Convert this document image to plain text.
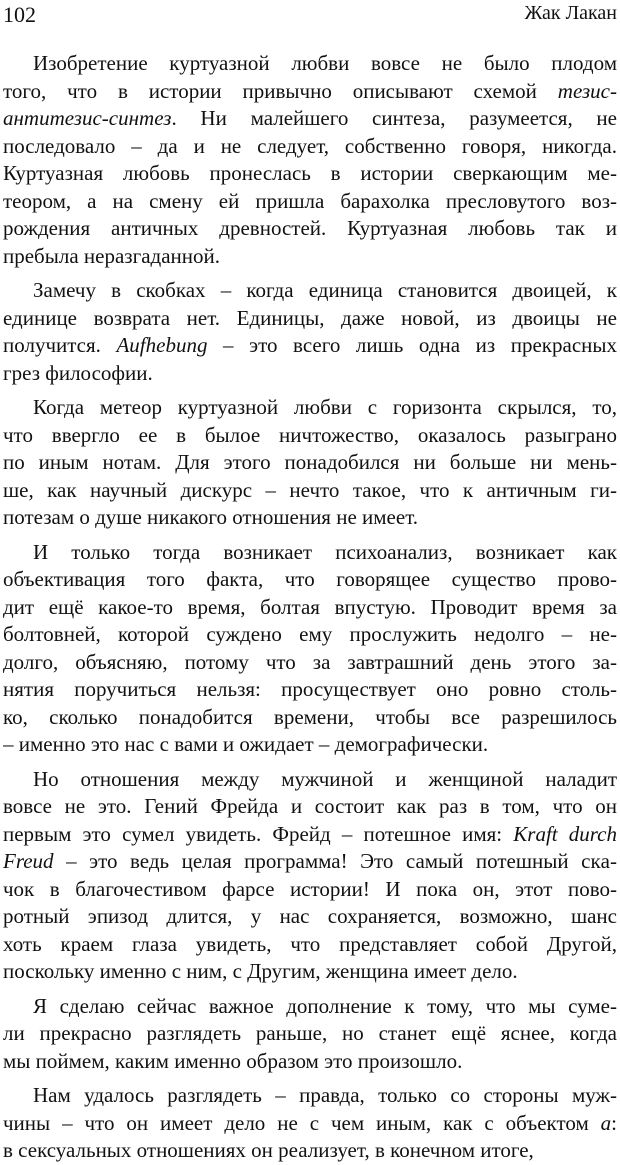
102	Жак Лакан
Изобретение куртуазной любви вовсе не было плодом
того, что в истории привычно описывают схемой тезис-
антитезис-синтез. Ни малейшего синтеза, разумеется, не
последовало – да и не следует, собственно говоря, никогда.
Куртуазная любовь пронеслась в истории сверкающим ме-
теором, а на смену ей пришла барахолка пресловутого воз-
рождения античных древностей. Куртуазная любовь так и
пребыла неразгаданной.
Замечу в скобках – когда единица становится двоицей, к
единице возврата нет. Единицы, даже новой, из двоицы не
получится. Aufhebung – это всего лишь одна из прекрасных
грез философии.
Когда метеор куртуазной любви с горизонта скрылся, то,
что ввергло ее в былое ничтожество, оказалось разыграно
по иным нотам. Для этого понадобился ни больше ни мень-
ше, как научный дискурс – нечто такое, что к античным ги-
потезам о душе никакого отношения не имеет.
И только тогда возникает психоанализ, возникает как
объективация того факта, что говорящее существо прово-
дит ещё какое-то время, болтая впустую. Проводит время за
болтовней, которой суждено ему прослужить недолго – не-
долго, объясняю, потому что за завтрашний день этого за-
нятия поручиться нельзя: просуществует оно ровно столь-
ко, сколько понадобится времени, чтобы все разрешилось
– именно это нас с вами и ожидает – демографически.
Но отношения между мужчиной и женщиной наладит
вовсе не это. Гений Фрейда и состоит как раз в том, что он
первым это сумел увидеть. Фрейд – потешное имя: Kraft durch
Freud – это ведь целая программа! Это самый потешный скa-
чок в благочестивом фарсе истории! И пока он, этот пово-
ротный эпизод длится, у нас сохраняется, возможно, шанс
хоть краем глаза увидеть, что представляет собой Другой,
поскольку именно с ним, с Другим, женщина имеет дело.
Я сделаю сейчас важное дополнение к тому, что мы суме-
ли прекрасно разглядеть раньше, но станет ещё яснее, когда
мы поймем, каким именно образом это произошло.
Нам удалось разглядеть – правда, только со стороны муж-
чины – что он имеет дело не с чем иным, как с объектом a:
в сексуальных отношениях он реализует, в конечном итоге,
